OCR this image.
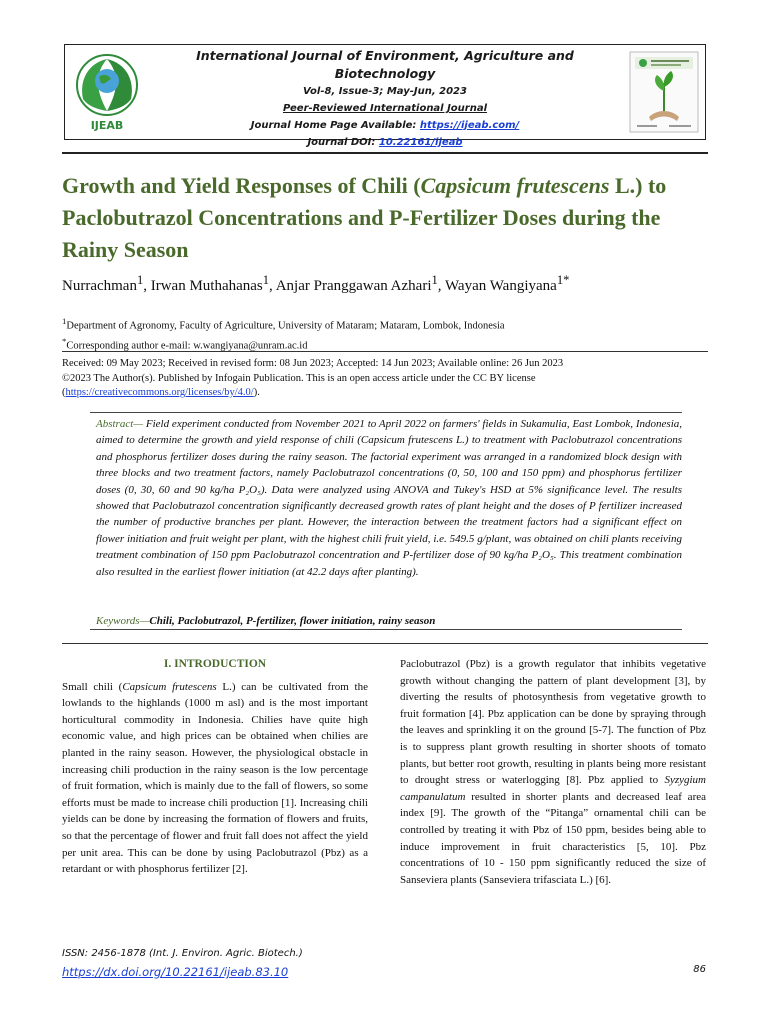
IJEAB
International Journal of Environment, Agriculture and Biotechnology
Vol-8, Issue-3; May-Jun, 2023
Peer-Reviewed International Journal
Journal Home Page Available: https://ijeab.com/
Journal DOI: 10.22161/ijeab
Growth and Yield Responses of Chili (Capsicum frutescens L.) to Paclobutrazol Concentrations and P-Fertilizer Doses during the Rainy Season
Nurrachman$^1$, Irwan Muthahanas$^1$, Anjar Pranggawan Azhari$^1$, Wayan Wangiyana$^{1*}$
$^1$Department of Agronomy, Faculty of Agriculture, University of Mataram; Mataram, Lombok, Indonesia
*Corresponding author e-mail: w.wangiyana@unram.ac.id
Received: 09 May 2023; Received in revised form: 08 Jun 2023; Accepted: 14 Jun 2023; Available online: 26 Jun 2023
©2023 The Author(s). Published by Infogain Publication. This is an open access article under the CC BY license
(https://creativecommons.org/licenses/by/4.0/).
Abstract— Field experiment conducted from November 2021 to April 2022 on farmers' fields in Sukamulia, East Lombok, Indonesia, aimed to determine the growth and yield response of chili (Capsicum frutescens L.) to treatment with Paclobutrazol concentrations and phosphorus fertilizer doses during the rainy season. The factorial experiment was arranged in a randomized block design with three blocks and two treatment factors, namely Paclobutrazol concentrations (0, 50, 100 and 150 ppm) and phosphorus fertilizer doses (0, 30, 60 and 90 kg/ha P₂O₅). Data were analyzed using ANOVA and Tukey's HSD at 5% significance level. The results showed that Paclobutrazol concentration significantly decreased growth rates of plant height and the doses of P fertilizer increased the number of productive branches per plant. However, the interaction between the treatment factors had a significant effect on flower initiation and fruit weight per plant, with the highest chili fruit yield, i.e. 549.5 g/plant, was obtained on chili plants receiving treatment combination of 150 ppm Paclobutrazol concentration and P-fertilizer dose of 90 kg/ha P₂O₅. This treatment combination also resulted in the earliest flower initiation (at 42.2 days after planting).
Keywords—Chili, Paclobutrazol, P-fertilizer, flower initiation, rainy season
I. INTRODUCTION

Small chili (Capsicum frutescens L.) can be cultivated from the lowlands to the highlands (1000 m asl) and is the most important horticultural commodity in Indonesia. Chilies have quite high economic value, and high prices can be obtained when chilies are planted in the rainy season. However, the physiological obstacle in increasing chili production in the rainy season is the low percentage of fruit formation, which is mainly due to the fall of flowers, so some efforts must be made to increase chili production [1]. Increasing chili yields can be done by increasing the formation of flowers and fruits, so that the percentage of flower and fruit fall does not affect the yield per unit area. This can be done by using Paclobutrazol (Pbz) as a retardant or with phosphorus fertilizer [2].

Paclobutrazol (Pbz) is a growth regulator that inhibits vegetative growth without changing the pattern of plant development [3], by diverting the results of photosynthesis from vegetative growth to fruit formation [4]. Pbz application can be done by spraying through the leaves and sprinkling it on the ground [5-7]. The function of Pbz is to suppress plant growth resulting in shorter shoots of tomato plants, but better root growth, resulting in plants being more resistant to drought stress or waterlogging [8]. Pbz applied to Syzygium campanulatum resulted in shorter plants and decreased leaf area index [9]. The growth of the “Pitanga” ornamental chili can be controlled by treating it with Pbz of 150 ppm, besides being able to induce improvement in fruit characteristics [5, 10]. Pbz concentrations of 10 - 150 ppm significantly reduced the size of Sanseviera plants (Sanseviera trifasciata L.) [6].

ISSN: 2456-1878 (Int. J. Environ. Agric. Biotech.)
https://dx.doi.org/10.22161/ijeab.83.10	86
